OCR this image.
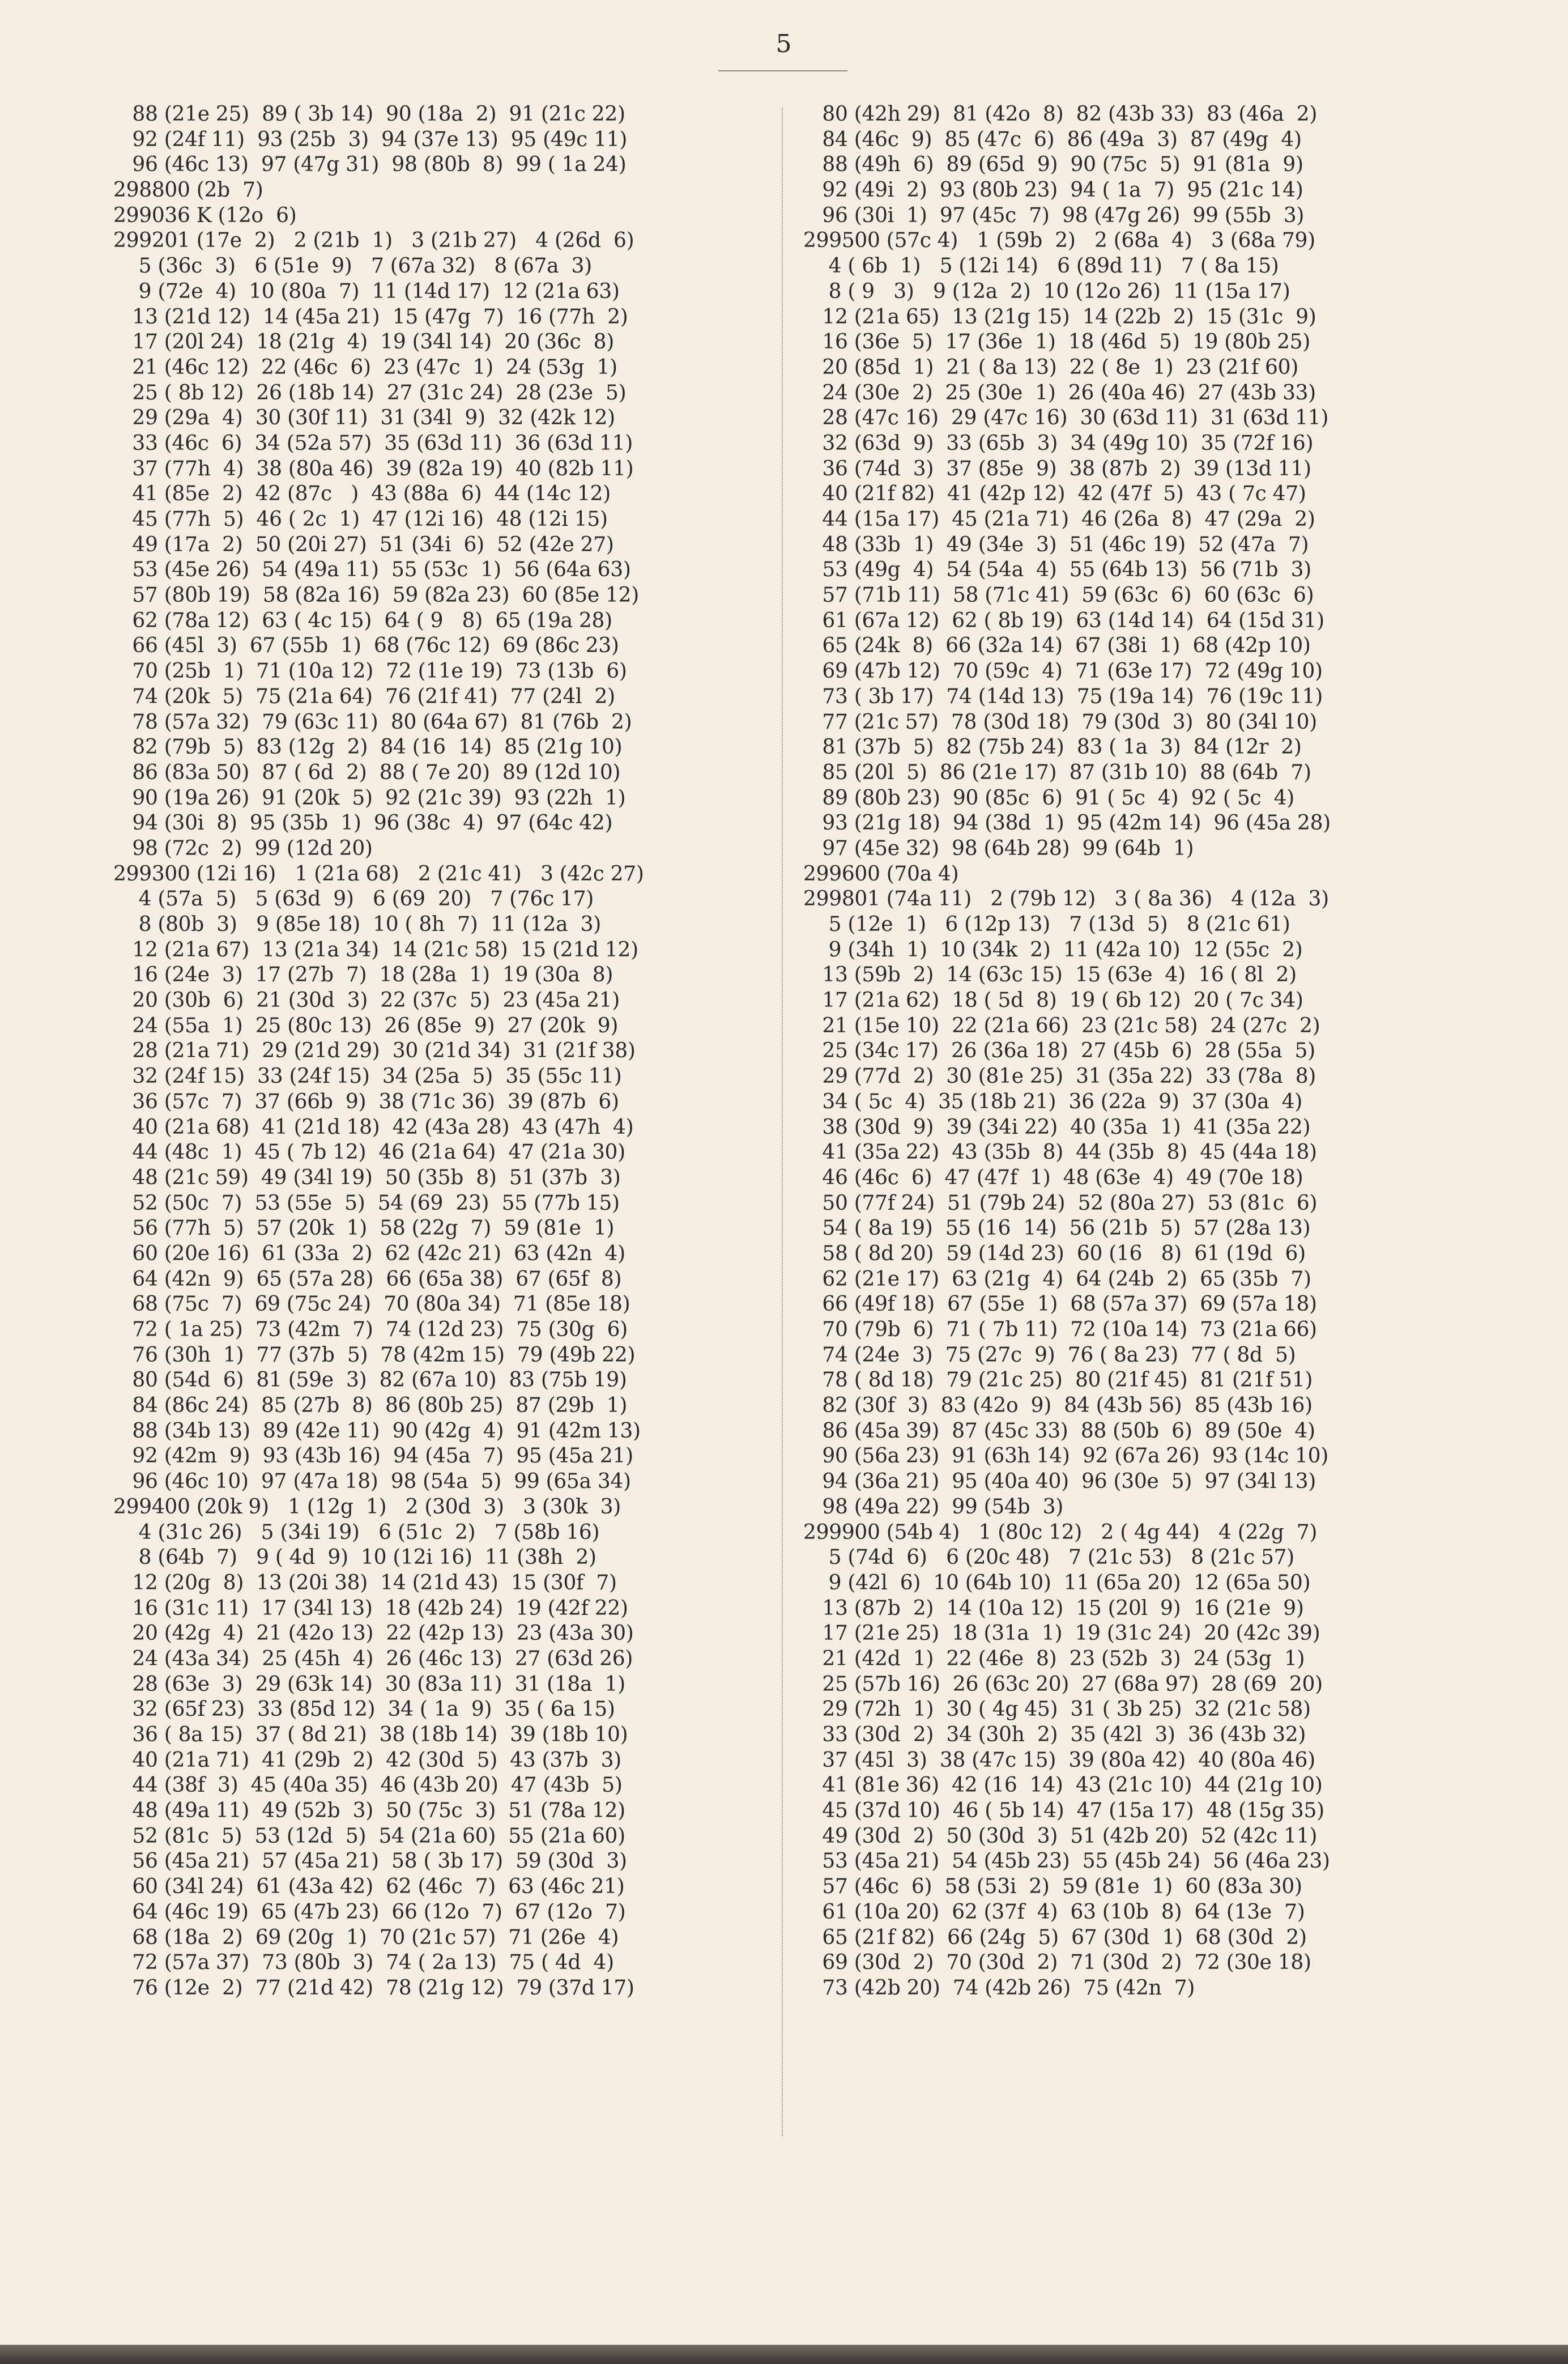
5
88 (21e 25)  89 ( 3b 14)  90 (18a  2)  91 (21c 22)
92 (24f 11)  93 (25b  3)  94 (37e 13)  95 (49c 11)
96 (46c 13)  97 (47g 31)  98 (80b  8)  99 ( 1a 24)
298800 (2b  7)
299036 K (12o  6)
299201 (17e  2)   2 (21b  1)   3 (21b 27)   4 (26d  6)
5 (36c  3)   6 (51e  9)   7 (67a 32)   8 (67a  3)
9 (72e  4)  10 (80a  7)  11 (14d 17)  12 (21a 63)
13 (21d 12)  14 (45a 21)  15 (47g  7)  16 (77h  2)
17 (20l 24)  18 (21g  4)  19 (34l 14)  20 (36c  8)
21 (46c 12)  22 (46c  6)  23 (47c  1)  24 (53g  1)
25 ( 8b 12)  26 (18b 14)  27 (31c 24)  28 (23e  5)
29 (29a  4)  30 (30f 11)  31 (34l  9)  32 (42k 12)
33 (46c  6)  34 (52a 57)  35 (63d 11)  36 (63d 11)
37 (77h  4)  38 (80a 46)  39 (82a 19)  40 (82b 11)
41 (85e  2)  42 (87c   )  43 (88a  6)  44 (14c 12)
45 (77h  5)  46 ( 2c  1)  47 (12i 16)  48 (12i 15)
49 (17a  2)  50 (20i 27)  51 (34i  6)  52 (42e 27)
53 (45e 26)  54 (49a 11)  55 (53c  1)  56 (64a 63)
57 (80b 19)  58 (82a 16)  59 (82a 23)  60 (85e 12)
62 (78a 12)  63 ( 4c 15)  64 ( 9   8)  65 (19a 28)
66 (45l  3)  67 (55b  1)  68 (76c 12)  69 (86c 23)
70 (25b  1)  71 (10a 12)  72 (11e 19)  73 (13b  6)
74 (20k  5)  75 (21a 64)  76 (21f 41)  77 (24l  2)
78 (57a 32)  79 (63c 11)  80 (64a 67)  81 (76b  2)
82 (79b  5)  83 (12g  2)  84 (16  14)  85 (21g 10)
86 (83a 50)  87 ( 6d  2)  88 ( 7e 20)  89 (12d 10)
90 (19a 26)  91 (20k  5)  92 (21c 39)  93 (22h  1)
94 (30i  8)  95 (35b  1)  96 (38c  4)  97 (64c 42)
98 (72c  2)  99 (12d 20)
299300 (12i 16)   1 (21a 68)   2 (21c 41)   3 (42c 27)
4 (57a  5)   5 (63d  9)   6 (69  20)   7 (76c 17)
8 (80b  3)   9 (85e 18)  10 ( 8h  7)  11 (12a  3)
12 (21a 67)  13 (21a 34)  14 (21c 58)  15 (21d 12)
16 (24e  3)  17 (27b  7)  18 (28a  1)  19 (30a  8)
20 (30b  6)  21 (30d  3)  22 (37c  5)  23 (45a 21)
24 (55a  1)  25 (80c 13)  26 (85e  9)  27 (20k  9)
28 (21a 71)  29 (21d 29)  30 (21d 34)  31 (21f 38)
32 (24f 15)  33 (24f 15)  34 (25a  5)  35 (55c 11)
36 (57c  7)  37 (66b  9)  38 (71c 36)  39 (87b  6)
40 (21a 68)  41 (21d 18)  42 (43a 28)  43 (47h  4)
44 (48c  1)  45 ( 7b 12)  46 (21a 64)  47 (21a 30)
48 (21c 59)  49 (34l 19)  50 (35b  8)  51 (37b  3)
52 (50c  7)  53 (55e  5)  54 (69  23)  55 (77b 15)
56 (77h  5)  57 (20k  1)  58 (22g  7)  59 (81e  1)
60 (20e 16)  61 (33a  2)  62 (42c 21)  63 (42n  4)
64 (42n  9)  65 (57a 28)  66 (65a 38)  67 (65f  8)
68 (75c  7)  69 (75c 24)  70 (80a 34)  71 (85e 18)
72 ( 1a 25)  73 (42m  7)  74 (12d 23)  75 (30g  6)
76 (30h  1)  77 (37b  5)  78 (42m 15)  79 (49b 22)
80 (54d  6)  81 (59e  3)  82 (67a 10)  83 (75b 19)
84 (86c 24)  85 (27b  8)  86 (80b 25)  87 (29b  1)
88 (34b 13)  89 (42e 11)  90 (42g  4)  91 (42m 13)
92 (42m  9)  93 (43b 16)  94 (45a  7)  95 (45a 21)
96 (46c 10)  97 (47a 18)  98 (54a  5)  99 (65a 34)
299400 (20k 9)   1 (12g  1)   2 (30d  3)   3 (30k  3)
4 (31c 26)   5 (34i 19)   6 (51c  2)   7 (58b 16)
8 (64b  7)   9 ( 4d  9)  10 (12i 16)  11 (38h  2)
12 (20g  8)  13 (20i 38)  14 (21d 43)  15 (30f  7)
16 (31c 11)  17 (34l 13)  18 (42b 24)  19 (42f 22)
20 (42g  4)  21 (42o 13)  22 (42p 13)  23 (43a 30)
24 (43a 34)  25 (45h  4)  26 (46c 13)  27 (63d 26)
28 (63e  3)  29 (63k 14)  30 (83a 11)  31 (18a  1)
32 (65f 23)  33 (85d 12)  34 ( 1a  9)  35 ( 6a 15)
36 ( 8a 15)  37 ( 8d 21)  38 (18b 14)  39 (18b 10)
40 (21a 71)  41 (29b  2)  42 (30d  5)  43 (37b  3)
44 (38f  3)  45 (40a 35)  46 (43b 20)  47 (43b  5)
48 (49a 11)  49 (52b  3)  50 (75c  3)  51 (78a 12)
52 (81c  5)  53 (12d  5)  54 (21a 60)  55 (21a 60)
56 (45a 21)  57 (45a 21)  58 ( 3b 17)  59 (30d  3)
60 (34l 24)  61 (43a 42)  62 (46c  7)  63 (46c 21)
64 (46c 19)  65 (47b 23)  66 (12o  7)  67 (12o  7)
68 (18a  2)  69 (20g  1)  70 (21c 57)  71 (26e  4)
72 (57a 37)  73 (80b  3)  74 ( 2a 13)  75 ( 4d  4)
76 (12e  2)  77 (21d 42)  78 (21g 12)  79 (37d 17)
80 (42h 29)  81 (42o  8)  82 (43b 33)  83 (46a  2)
84 (46c  9)  85 (47c  6)  86 (49a  3)  87 (49g  4)
88 (49h  6)  89 (65d  9)  90 (75c  5)  91 (81a  9)
92 (49i  2)  93 (80b 23)  94 ( 1a  7)  95 (21c 14)
96 (30i  1)  97 (45c  7)  98 (47g 26)  99 (55b  3)
299500 (57c 4)   1 (59b  2)   2 (68a  4)   3 (68a 79)
4 ( 6b  1)   5 (12i 14)   6 (89d 11)   7 ( 8a 15)
8 ( 9   3)   9 (12a  2)  10 (12o 26)  11 (15a 17)
12 (21a 65)  13 (21g 15)  14 (22b  2)  15 (31c  9)
16 (36e  5)  17 (36e  1)  18 (46d  5)  19 (80b 25)
20 (85d  1)  21 ( 8a 13)  22 ( 8e  1)  23 (21f 60)
24 (30e  2)  25 (30e  1)  26 (40a 46)  27 (43b 33)
28 (47c 16)  29 (47c 16)  30 (63d 11)  31 (63d 11)
32 (63d  9)  33 (65b  3)  34 (49g 10)  35 (72f 16)
36 (74d  3)  37 (85e  9)  38 (87b  2)  39 (13d 11)
40 (21f 82)  41 (42p 12)  42 (47f  5)  43 ( 7c 47)
44 (15a 17)  45 (21a 71)  46 (26a  8)  47 (29a  2)
48 (33b  1)  49 (34e  3)  51 (46c 19)  52 (47a  7)
53 (49g  4)  54 (54a  4)  55 (64b 13)  56 (71b  3)
57 (71b 11)  58 (71c 41)  59 (63c  6)  60 (63c  6)
61 (67a 12)  62 ( 8b 19)  63 (14d 14)  64 (15d 31)
65 (24k  8)  66 (32a 14)  67 (38i  1)  68 (42p 10)
69 (47b 12)  70 (59c  4)  71 (63e 17)  72 (49g 10)
73 ( 3b 17)  74 (14d 13)  75 (19a 14)  76 (19c 11)
77 (21c 57)  78 (30d 18)  79 (30d  3)  80 (34l 10)
81 (37b  5)  82 (75b 24)  83 ( 1a  3)  84 (12r  2)
85 (20l  5)  86 (21e 17)  87 (31b 10)  88 (64b  7)
89 (80b 23)  90 (85c  6)  91 ( 5c  4)  92 ( 5c  4)
93 (21g 18)  94 (38d  1)  95 (42m 14)  96 (45a 28)
97 (45e 32)  98 (64b 28)  99 (64b  1)
299600 (70a 4)
299801 (74a 11)   2 (79b 12)   3 ( 8a 36)   4 (12a  3)
5 (12e  1)   6 (12p 13)   7 (13d  5)   8 (21c 61)
9 (34h  1)  10 (34k  2)  11 (42a 10)  12 (55c  2)
13 (59b  2)  14 (63c 15)  15 (63e  4)  16 ( 8l  2)
17 (21a 62)  18 ( 5d  8)  19 ( 6b 12)  20 ( 7c 34)
21 (15e 10)  22 (21a 66)  23 (21c 58)  24 (27c  2)
25 (34c 17)  26 (36a 18)  27 (45b  6)  28 (55a  5)
29 (77d  2)  30 (81e 25)  31 (35a 22)  33 (78a  8)
34 ( 5c  4)  35 (18b 21)  36 (22a  9)  37 (30a  4)
38 (30d  9)  39 (34i 22)  40 (35a  1)  41 (35a 22)
41 (35a 22)  43 (35b  8)  44 (35b  8)  45 (44a 18)
46 (46c  6)  47 (47f  1)  48 (63e  4)  49 (70e 18)
50 (77f 24)  51 (79b 24)  52 (80a 27)  53 (81c  6)
54 ( 8a 19)  55 (16  14)  56 (21b  5)  57 (28a 13)
58 ( 8d 20)  59 (14d 23)  60 (16   8)  61 (19d  6)
62 (21e 17)  63 (21g  4)  64 (24b  2)  65 (35b  7)
66 (49f 18)  67 (55e  1)  68 (57a 37)  69 (57a 18)
70 (79b  6)  71 ( 7b 11)  72 (10a 14)  73 (21a 66)
74 (24e  3)  75 (27c  9)  76 ( 8a 23)  77 ( 8d  5)
78 ( 8d 18)  79 (21c 25)  80 (21f 45)  81 (21f 51)
82 (30f  3)  83 (42o  9)  84 (43b 56)  85 (43b 16)
86 (45a 39)  87 (45c 33)  88 (50b  6)  89 (50e  4)
90 (56a 23)  91 (63h 14)  92 (67a 26)  93 (14c 10)
94 (36a 21)  95 (40a 40)  96 (30e  5)  97 (34l 13)
98 (49a 22)  99 (54b  3)
299900 (54b 4)   1 (80c 12)   2 ( 4g 44)   4 (22g  7)
5 (74d  6)   6 (20c 48)   7 (21c 53)   8 (21c 57)
9 (42l  6)  10 (64b 10)  11 (65a 20)  12 (65a 50)
13 (87b  2)  14 (10a 12)  15 (20l  9)  16 (21e  9)
17 (21e 25)  18 (31a  1)  19 (31c 24)  20 (42c 39)
21 (42d  1)  22 (46e  8)  23 (52b  3)  24 (53g  1)
25 (57b 16)  26 (63c 20)  27 (68a 97)  28 (69  20)
29 (72h  1)  30 ( 4g 45)  31 ( 3b 25)  32 (21c 58)
33 (30d  2)  34 (30h  2)  35 (42l  3)  36 (43b 32)
37 (45l  3)  38 (47c 15)  39 (80a 42)  40 (80a 46)
41 (81e 36)  42 (16  14)  43 (21c 10)  44 (21g 10)
45 (37d 10)  46 ( 5b 14)  47 (15a 17)  48 (15g 35)
49 (30d  2)  50 (30d  3)  51 (42b 20)  52 (42c 11)
53 (45a 21)  54 (45b 23)  55 (45b 24)  56 (46a 23)
57 (46c  6)  58 (53i  2)  59 (81e  1)  60 (83a 30)
61 (10a 20)  62 (37f  4)  63 (10b  8)  64 (13e  7)
65 (21f 82)  66 (24g  5)  67 (30d  1)  68 (30d  2)
69 (30d  2)  70 (30d  2)  71 (30d  2)  72 (30e 18)
73 (42b 20)  74 (42b 26)  75 (42n  7)
